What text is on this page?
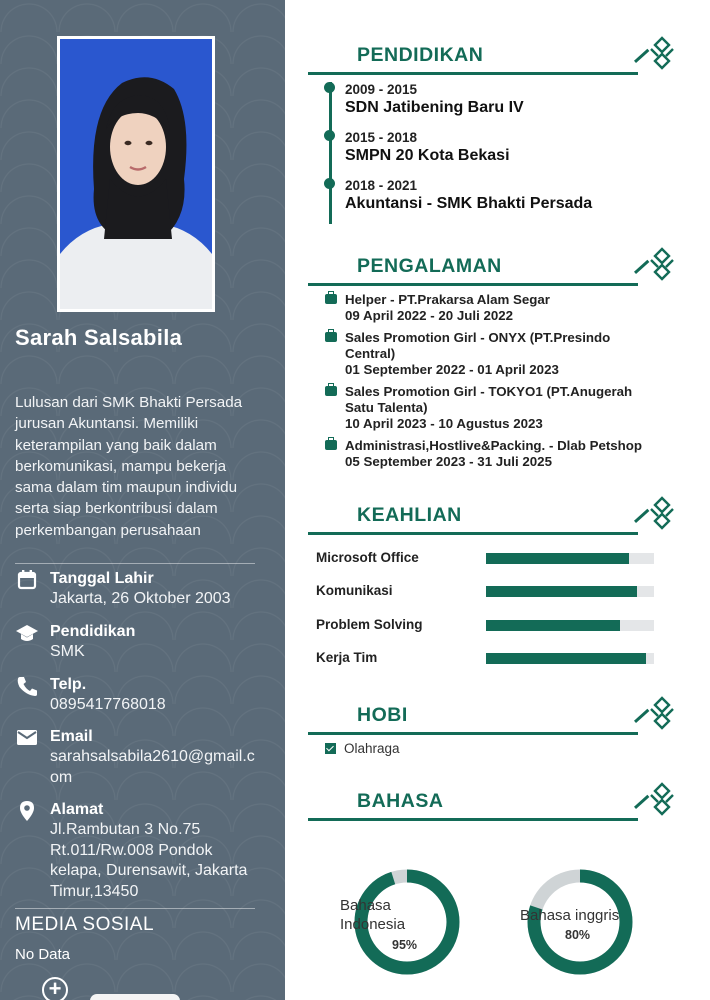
Sarah Salsabila
Lulusan dari SMK Bhakti Persada jurusan Akuntansi. Memiliki keterampilan yang baik dalam berkomunikasi, mampu bekerja sama dalam tim maupun individu serta siap berkontribusi dalam perkembangan perusahaan
Tanggal Lahir
Jakarta, 26 Oktober 2003
Pendidikan
SMK
Telp.
0895417768018
Email
sarahsalsabila2610@gmail.com
Alamat
Jl.Rambutan 3 No.75 Rt.011/Rw.008 Pondok kelapa, Durensawit, Jakarta Timur,13450
MEDIA SOSIAL
No Data
+
PENDIDIKAN
2009 - 2015
SDN Jatibening Baru IV
2015 - 2018
SMPN 20 Kota Bekasi
2018 - 2021
Akuntansi - SMK Bhakti Persada
PENGALAMAN
Helper - PT.Prakarsa Alam Segar
09 April 2022 - 20 Juli 2022
Sales Promotion Girl - ONYX (PT.Presindo Central)
01 September 2022 - 01 April 2023
Sales Promotion Girl - TOKYO1 (PT.Anugerah Satu Talenta)
10 April 2023 - 10 Agustus 2023
Administrasi,Hostlive&Packing. - Dlab Petshop
05 September 2023 - 31 Juli 2025
KEAHLIAN
Microsoft Office
Komunikasi
Problem Solving
Kerja Tim
HOBI
Olahraga
BAHASA
Bahasa Indonesia
95%
Bahasa inggris
80%
